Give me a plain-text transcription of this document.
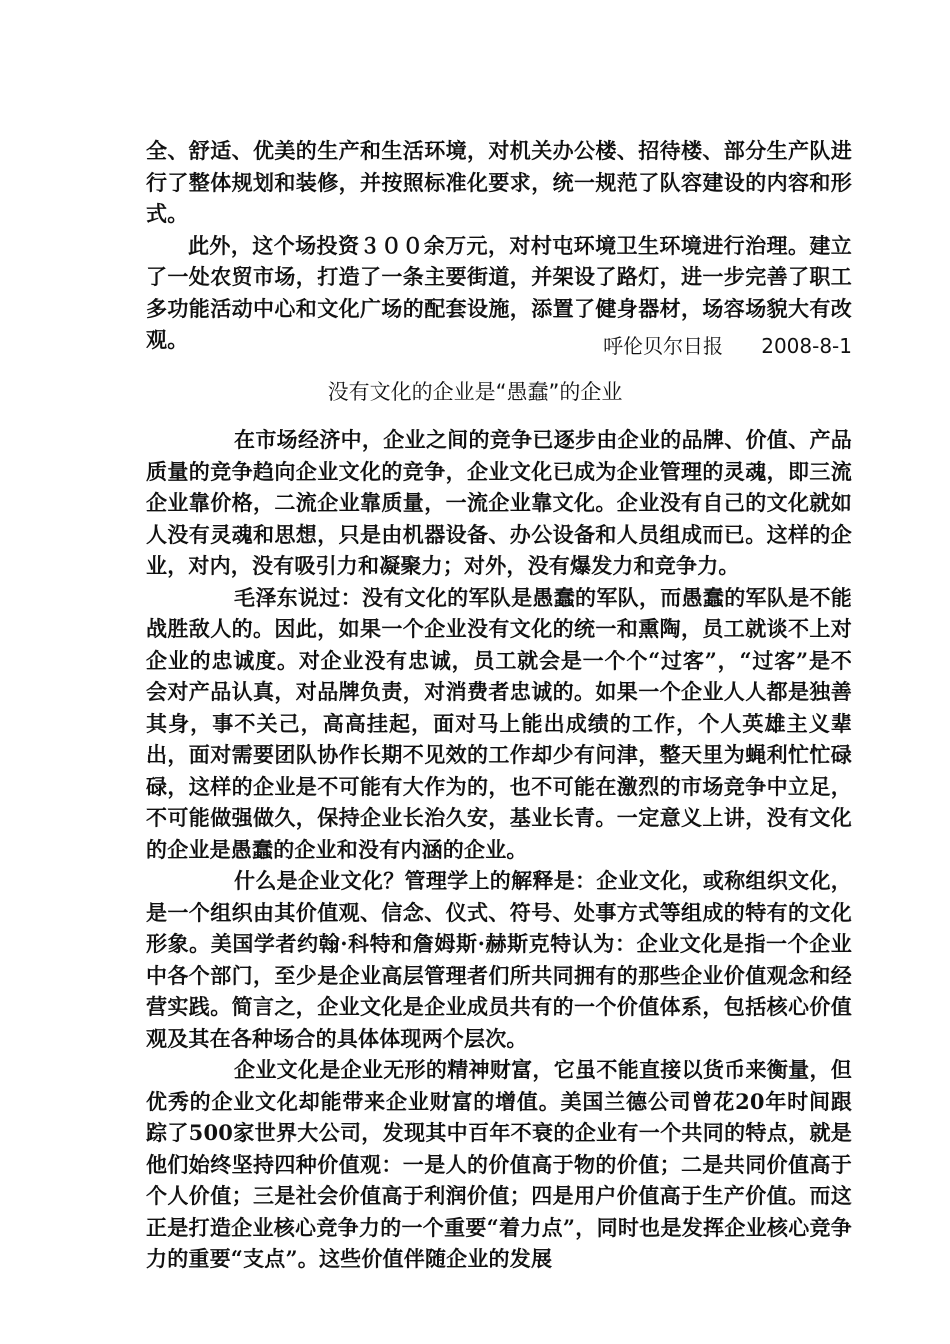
全、舒适、优美的生产和生活环境，对机关办公楼、招待楼、部分生产队进行了整体规划和装修，并按照标准化要求，统一规范了队容建设的内容和形式。

此外，这个场投资３００余万元，对村屯环境卫生环境进行治理。建立了一处农贸市场，打造了一条主要街道，并架设了路灯，进一步完善了职工多功能活动中心和文化广场的配套设施，添置了健身器材，场容场貌大有改观。	呼伦贝尔日报 2008-8-1
没有文化的企业是“愚蠢”的企业

在市场经济中，企业之间的竞争已逐步由企业的品牌、价值、产品质量的竞争趋向企业文化的竞争，企业文化已成为企业管理的灵魂，即三流企业靠价格，二流企业靠质量，一流企业靠文化。企业没有自己的文化就如人没有灵魂和思想，只是由机器设备、办公设备和人员组成而已。这样的企业，对内，没有吸引力和凝聚力；对外，没有爆发力和竞争力。

毛泽东说过：没有文化的军队是愚蠢的军队，而愚蠢的军队是不能战胜敌人的。因此，如果一个企业没有文化的统一和熏陶，员工就谈不上对企业的忠诚度。对企业没有忠诚，员工就会是一个个“过客”，“过客”是不会对产品认真，对品牌负责，对消费者忠诚的。如果一个企业人人都是独善其身，事不关己，高高挂起，面对马上能出成绩的工作，个人英雄主义辈出，面对需要团队协作长期不见效的工作却少有问津，整天里为蝇利忙忙碌碌，这样的企业是不可能有大作为的，也不可能在激烈的市场竞争中立足，不可能做强做久，保持企业长治久安，基业长青。一定意义上讲，没有文化的企业是愚蠢的企业和没有内涵的企业。

什么是企业文化？管理学上的解释是：企业文化，或称组织文化，是一个组织由其价值观、信念、仪式、符号、处事方式等组成的特有的文化形象。美国学者约翰·科特和詹姆斯·赫斯克特认为：企业文化是指一个企业中各个部门，至少是企业高层管理者们所共同拥有的那些企业价值观念和经营实践。简言之，企业文化是企业成员共有的一个价值体系，包括核心价值观及其在各种场合的具体体现两个层次。

企业文化是企业无形的精神财富，它虽不能直接以货币来衡量，但优秀的企业文化却能带来企业财富的增值。美国兰德公司曾花20年时间跟踪了500家世界大公司，发现其中百年不衰的企业有一个共同的特点，就是他们始终坚持四种价值观：一是人的价值高于物的价值；二是共同价值高于个人价值；三是社会价值高于利润价值；四是用户价值高于生产价值。而这正是打造企业核心竞争力的一个重要“着力点”，同时也是发挥企业核心竞争力的重要“支点”。这些价值伴随企业的发展
